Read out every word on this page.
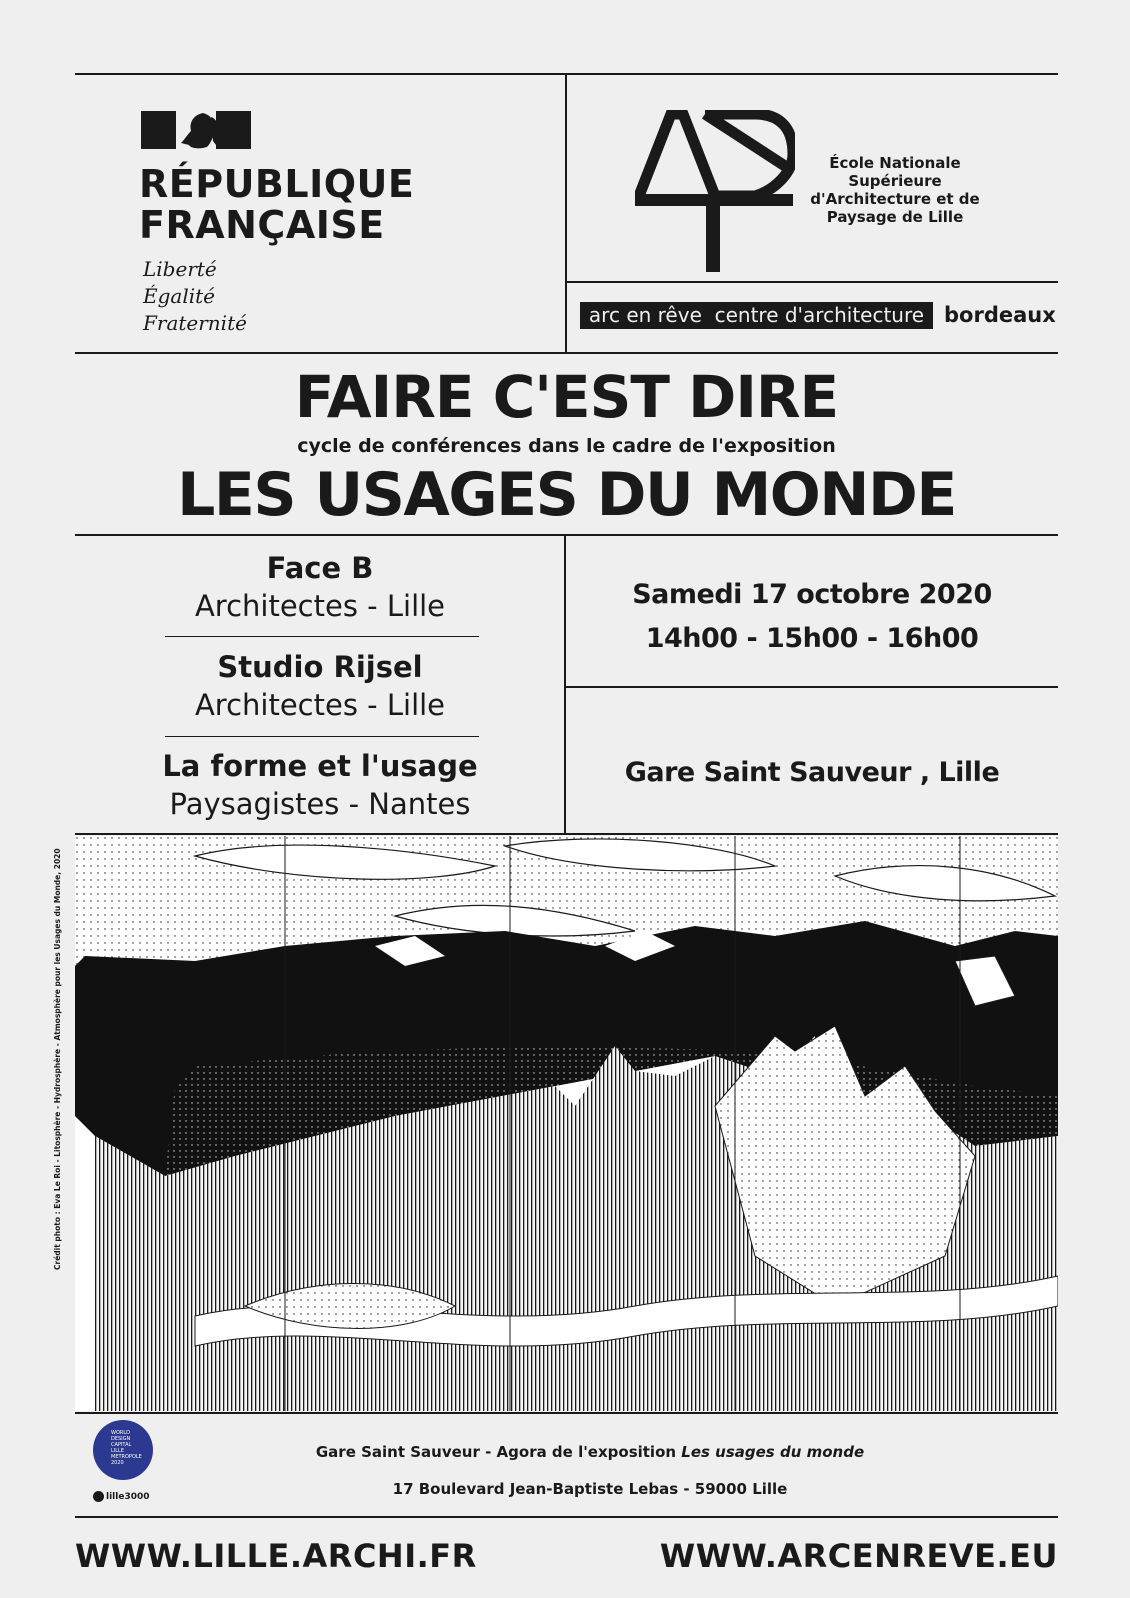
RÉPUBLIQUE
FRANÇAISE
Liberté
Égalité
Fraternité
École Nationale
Supérieure
d'Architecture et de
Paysage de Lille
arc en rêve  centre d'architecture bordeaux
FAIRE C'EST DIRE
cycle de conférences dans le cadre de l'exposition
LES USAGES DU MONDE
Face B
Architectes - Lille
Studio Rijsel
Architectes - Lille
La forme et l'usage
Paysagistes - Nantes
Samedi 17 octobre 2020
14h00 - 15h00 - 16h00
Gare Saint Sauveur , Lille
Crédit photo : Eva Le Roi - Litosphère - Hydrosphère - Atmosphère pour les Usages du Monde, 2020
WORLD
DESIGN
CAPITAL
LILLE
METROPOLE
2020
lille3000
Gare Saint Sauveur - Agora de l'exposition Les usages du monde
17 Boulevard Jean-Baptiste Lebas - 59000 Lille
WWW.LILLE.ARCHI.FR	WWW.ARCENREVE.EU
